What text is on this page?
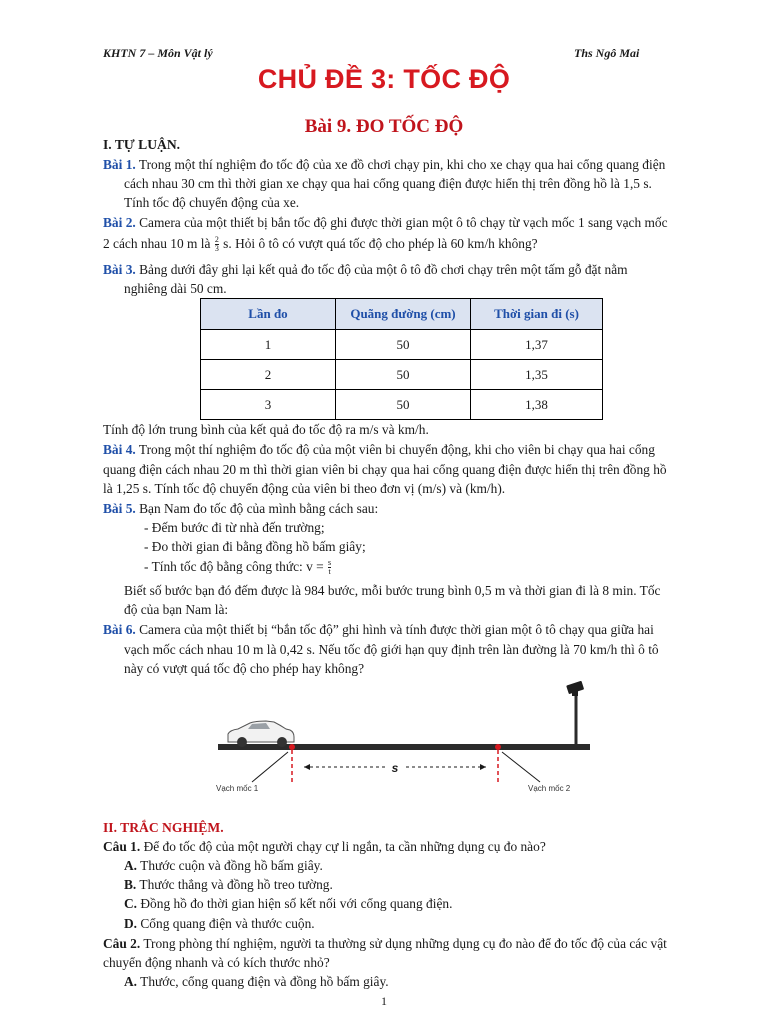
KHTN 7 – Môn Vật lý	Ths Ngô Mai
CHỦ ĐỀ 3: TỐC ĐỘ
Bài 9. ĐO TỐC ĐỘ
I. TỰ LUẬN.
Bài 1. Trong một thí nghiệm đo tốc độ của xe đồ chơi chạy pin, khi cho xe chạy qua hai cổng quang điện
cách nhau 30 cm thì thời gian xe chạy qua hai cổng quang điện được hiển thị trên đồng hồ là 1,5 s.
Tính tốc độ chuyển động của xe.
Bài 2. Camera của một thiết bị bắn tốc độ ghi được thời gian một ô tô chạy từ vạch mốc 1 sang vạch mốc
2 cách nhau 10 m là $\frac{2}{3} s$. Hỏi ô tô có vượt quá tốc độ cho phép là 60 km/h không?
Bài 3. Bảng dưới đây ghi lại kết quả đo tốc độ của một ô tô đồ chơi chạy trên một tấm gỗ đặt nằm
nghiêng dài 50 cm.
Lần đo	Quãng đường (cm)	Thời gian đi (s)
1	50	1,37
2	50	1,35
3	50	1,38
Tính độ lớn trung bình của kết quả đo tốc độ ra m/s và km/h.
Bài 4. Trong một thí nghiệm đo tốc độ của một viên bi chuyển động, khi cho viên bi chạy qua hai cổng
quang điện cách nhau 20 m thì thời gian viên bi chạy qua hai cổng quang điện được hiển thị trên đồng hồ
là 1,25 s. Tính tốc độ chuyển động của viên bi theo đơn vị (m/s) và (km/h).
Bài 5. Bạn Nam đo tốc độ của mình bằng cách sau:
- Đếm bước đi từ nhà đến trường;
- Đo thời gian đi bằng đồng hồ bấm giây;
- Tính tốc độ bằng công thức: $v = \frac{s}{t}$
Biết số bước bạn đó đếm được là 984 bước, mỗi bước trung bình 0,5 m và thời gian đi là 8 min. Tốc
độ của bạn Nam là:
Bài 6. Camera của một thiết bị “bắn tốc độ” ghi hình và tính được thời gian một ô tô chạy qua giữa hai
vạch mốc cách nhau 10 m là 0,42 s. Nếu tốc độ giới hạn quy định trên làn đường là 70 km/h thì ô tô
này có vượt quá tốc độ cho phép hay không?
s
Vạch mốc 1	Vạch mốc 2
II. TRẮC NGHIỆM.
Câu 1. Để đo tốc độ của một người chạy cự li ngắn, ta cần những dụng cụ đo nào?
A. Thước cuộn và đồng hồ bấm giây.
B. Thước thẳng và đồng hồ treo tường.
C. Đồng hồ đo thời gian hiện số kết nối với cổng quang điện.
D. Cổng quang điện và thước cuộn.
Câu 2. Trong phòng thí nghiệm, người ta thường sử dụng những dụng cụ đo nào để đo tốc độ của các vật
chuyển động nhanh và có kích thước nhỏ?
A. Thước, cổng quang điện và đồng hồ bấm giây.
1
